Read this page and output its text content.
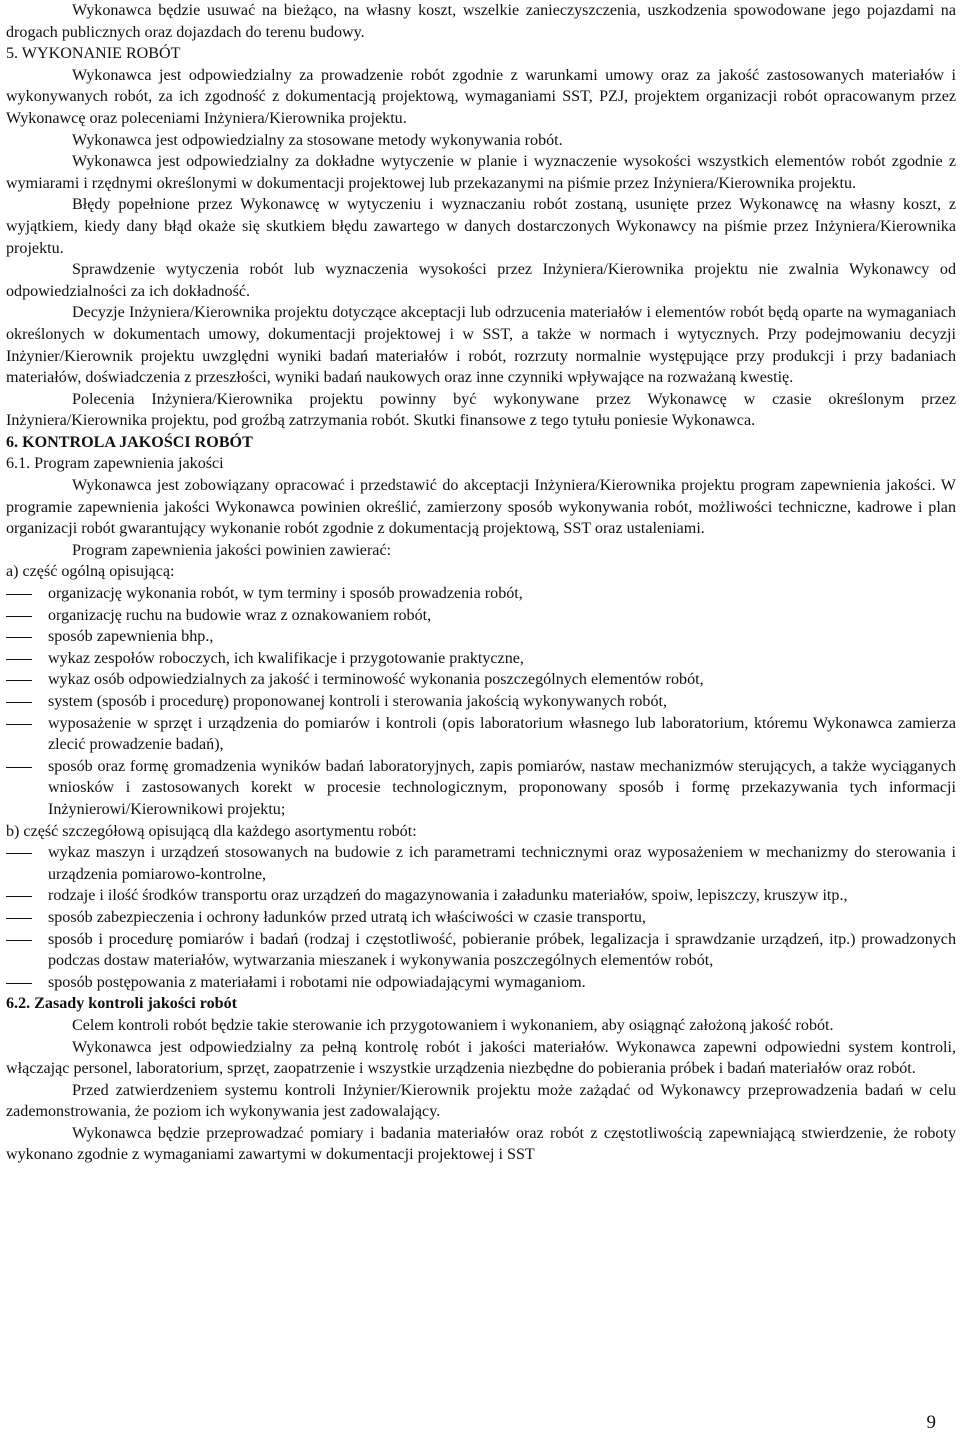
Wykonawca będzie usuwać na bieżąco, na własny koszt, wszelkie zanieczyszczenia, uszkodzenia spowodowane jego pojazdami na drogach publicznych oraz dojazdach do terenu budowy.

5. WYKONANIE ROBÓT

Wykonawca jest odpowiedzialny za prowadzenie robót zgodnie z warunkami umowy oraz za jakość zastosowanych materiałów i wykonywanych robót, za ich zgodność z dokumentacją projektową, wymaganiami SST, PZJ, projektem organizacji robót opracowanym przez Wykonawcę oraz poleceniami Inżyniera/Kierownika projektu.

Wykonawca jest odpowiedzialny za stosowane metody wykonywania robót.

Wykonawca jest odpowiedzialny za dokładne wytyczenie w planie i wyznaczenie wysokości wszystkich elementów robót zgodnie z wymiarami i rzędnymi określonymi w dokumentacji projektowej lub przekazanymi na piśmie przez Inżyniera/Kierownika projektu.

Błędy popełnione przez Wykonawcę w wytyczeniu i wyznaczaniu robót zostaną, usunięte przez Wykonawcę na własny koszt, z wyjątkiem, kiedy dany błąd okaże się skutkiem błędu zawartego w danych dostarczonych Wykonawcy na piśmie przez Inżyniera/Kierownika projektu.

Sprawdzenie wytyczenia robót lub wyznaczenia wysokości przez Inżyniera/Kierownika projektu nie zwalnia Wykonawcy od odpowiedzialności za ich dokładność.

Decyzje Inżyniera/Kierownika projektu dotyczące akceptacji lub odrzucenia materiałów i elementów robót będą oparte na wymaganiach określonych w dokumentach umowy, dokumentacji projektowej i w SST, a także w normach i wytycznych. Przy podejmowaniu decyzji Inżynier/Kierownik projektu uwzględni wyniki badań materiałów i robót, rozrzuty normalnie występujące przy produkcji i przy badaniach materiałów, doświadczenia z przeszłości, wyniki badań naukowych oraz inne czynniki wpływające na rozważaną kwestię.

Polecenia Inżyniera/Kierownika projektu powinny być wykonywane przez Wykonawcę w czasie określonym przez Inżyniera/Kierownika projektu, pod groźbą zatrzymania robót. Skutki finansowe z tego tytułu poniesie Wykonawca.

6. KONTROLA JAKOŚCI ROBÓT

6.1. Program zapewnienia jakości

Wykonawca jest zobowiązany opracować i przedstawić do akceptacji Inżyniera/Kierownika projektu program zapewnienia jakości. W programie zapewnienia jakości Wykonawca powinien określić, zamierzony sposób wykonywania robót, możliwości techniczne, kadrowe i plan organizacji robót gwarantujący wykonanie robót zgodnie z dokumentacją projektową, SST oraz ustaleniami.

Program zapewnienia jakości powinien zawierać:

a) część ogólną opisującą:

organizację wykonania robót, w tym terminy i sposób prowadzenia robót,

organizację ruchu na budowie wraz z oznakowaniem robót,

sposób zapewnienia bhp.,

wykaz zespołów roboczych, ich kwalifikacje i przygotowanie praktyczne,

wykaz osób odpowiedzialnych za jakość i terminowość wykonania poszczególnych elementów robót,

system (sposób i procedurę) proponowanej kontroli i sterowania jakością wykonywanych robót,

wyposażenie w sprzęt i urządzenia do pomiarów i kontroli (opis laboratorium własnego lub laboratorium, któremu Wykonawca zamierza zlecić prowadzenie badań),

sposób oraz formę gromadzenia wyników badań laboratoryjnych, zapis pomiarów, nastaw mechanizmów sterujących, a także wyciąganych wniosków i zastosowanych korekt w procesie technologicznym, proponowany sposób i formę przekazywania tych informacji Inżynierowi/Kierownikowi projektu;

b) część szczegółową opisującą dla każdego asortymentu robót:

wykaz maszyn i urządzeń stosowanych na budowie z ich parametrami technicznymi oraz wyposażeniem w mechanizmy do sterowania i urządzenia pomiarowo-kontrolne,

rodzaje i ilość środków transportu oraz urządzeń do magazynowania i załadunku materiałów, spoiw, lepiszczy, kruszyw itp.,

sposób zabezpieczenia i ochrony ładunków przed utratą ich właściwości w czasie transportu,

sposób i procedurę pomiarów i badań (rodzaj i częstotliwość, pobieranie próbek, legalizacja i sprawdzanie urządzeń, itp.) prowadzonych podczas dostaw materiałów, wytwarzania mieszanek i wykonywania poszczególnych elementów robót,

sposób postępowania z materiałami i robotami nie odpowiadającymi wymaganiom.

6.2. Zasady kontroli jakości robót

Celem kontroli robót będzie takie sterowanie ich przygotowaniem i wykonaniem, aby osiągnąć założoną jakość robót.

Wykonawca jest odpowiedzialny za pełną kontrolę robót i jakości materiałów. Wykonawca zapewni odpowiedni system kontroli, włączając personel, laboratorium, sprzęt, zaopatrzenie i wszystkie urządzenia niezbędne do pobierania próbek i badań materiałów oraz robót.

Przed zatwierdzeniem systemu kontroli Inżynier/Kierownik projektu może zażądać od Wykonawcy przeprowadzenia badań w celu zademonstrowania, że poziom ich wykonywania jest zadowalający.

Wykonawca będzie przeprowadzać pomiary i badania materiałów oraz robót z częstotliwością zapewniającą stwierdzenie, że roboty wykonano zgodnie z wymaganiami zawartymi w dokumentacji projektowej i SST

9
